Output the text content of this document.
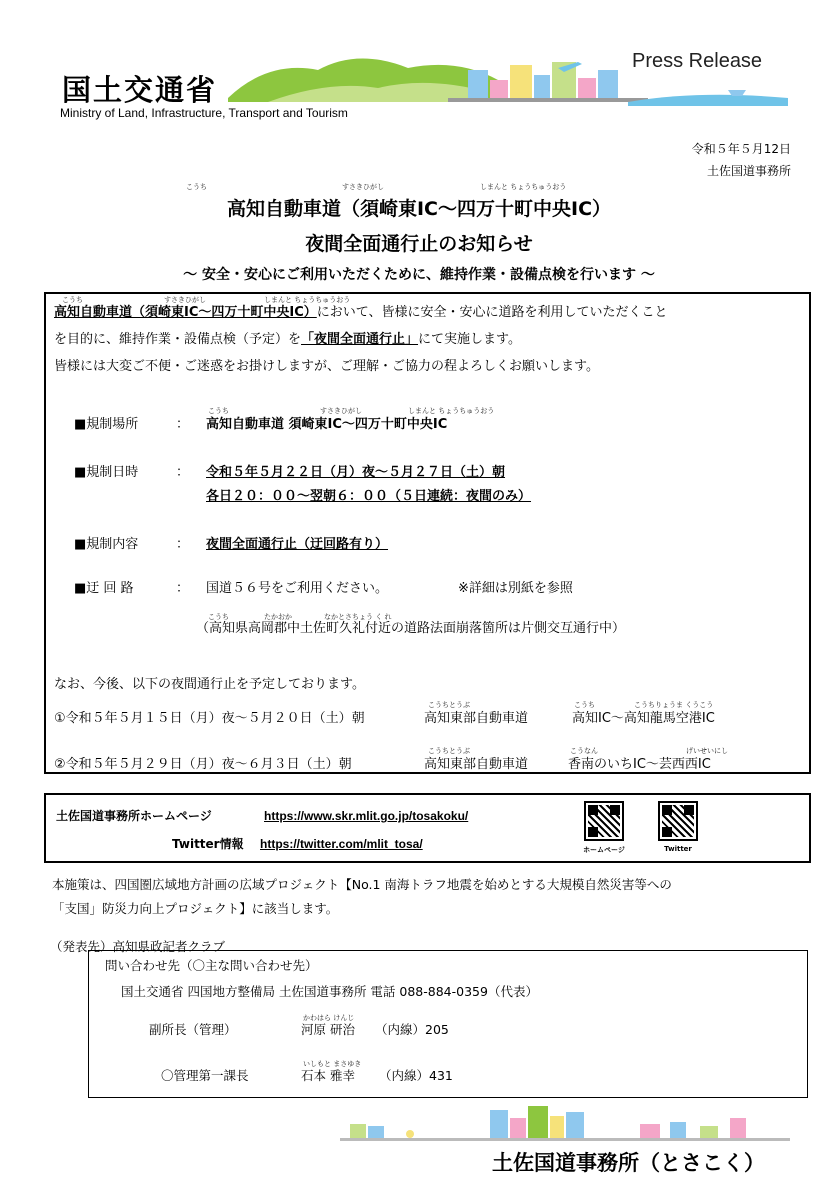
国土交通省
Ministry of Land, Infrastructure, Transport and Tourism
Press Release
令和５年５月12日
土佐国道事務所
こうち	すさきひがし	しまんと ちょうちゅうおう
高知自動車道（須崎東IC～四万十町中央IC）
夜間全面通行止のお知らせ
～ 安全・安心にご利用いただくために、維持作業・設備点検を行います ～
こうち	すさきひがし	しまんと ちょうちゅうおう
高知自動車道（須崎東IC～四万十町中央IC）において、皆様に安全・安心に道路を利用していただくこと
を目的に、維持作業・設備点検（予定）を「夜間全面通行止」にて実施します。
皆様には大変ご不便・ご迷惑をお掛けしますが、ご理解・ご協力の程よろしくお願いします。
こうち	すさきひがし	しまんと ちょうちゅうおう
■規制場所	： 高知自動車道 須崎東IC～四万十町中央IC
■規制日時	： 令和５年５月２２日（月）夜～５月２７日（土）朝
各日２０：００～翌朝６：００（５日連続：夜間のみ）
■規制内容	： 夜間全面通行止（迂回路有り）
■迂 回 路	： 国道５６号をご利用ください。	※詳細は別紙を参照
こうち	たかおか	なかとさちょう く れ
（高知県高岡郡中土佐町久礼付近の道路法面崩落箇所は片側交互通行中）
なお、今後、以下の夜間通行止を予定しております。
こうちとうぶ	こうち	こうちりょうま くうこう
①令和５年５月１５日（月）夜～５月２０日（土）朝	高知東部自動車道	高知IC～高知龍馬空港IC
こうちとうぶ	こうなん	げいせいにし
②令和５年５月２９日（月）夜～６月３日（土）朝	高知東部自動車道	香南のいちIC～芸西西IC
土佐国道事務所ホームページ	https://www.skr.mlit.go.jp/tosakoku/
Twitter情報 https://twitter.com/mlit_tosa/	ホームページ	Twitter
本施策は、四国圏広域地方計画の広域プロジェクト【No.1 南海トラフ地震を始めとする大規模自然災害等への
「支国」防災力向上プロジェクト】に該当します。
（発表先）高知県政記者クラブ
問い合わせ先（〇主な問い合わせ先）
国土交通省 四国地方整備局 土佐国道事務所 電話 088-884-0359（代表）
かわはら けんじ
副所長（管理）	河原 研治 （内線）205
いしもと まさゆき
〇管理第一課長	石本 雅幸 （内線）431
土佐国道事務所（とさこく）
